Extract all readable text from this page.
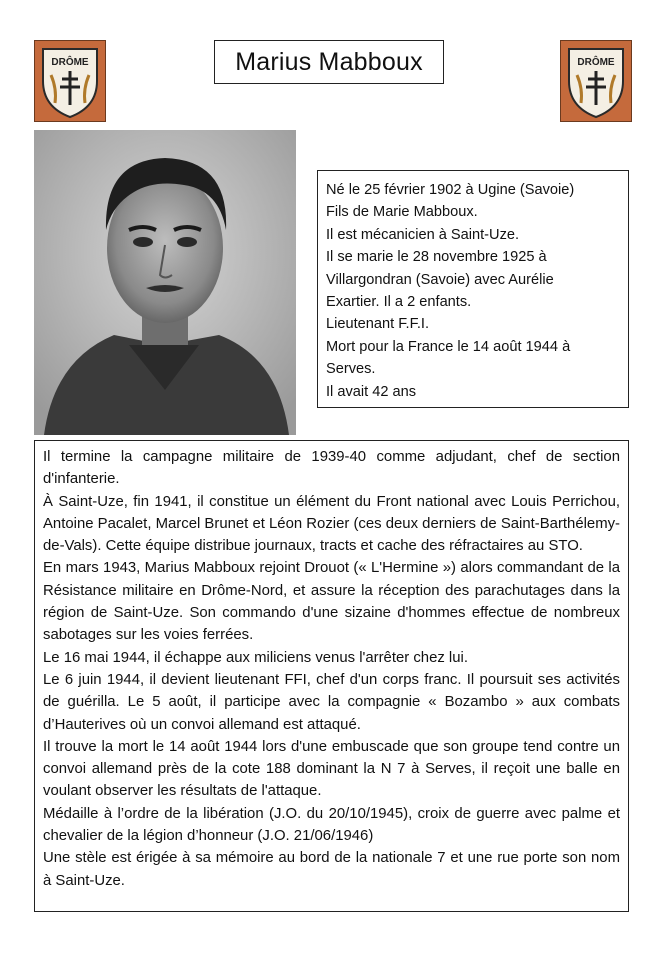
DRÔME	Marius Mabboux	DRÔME
Né le 25 février 1902 à Ugine (Savoie)
Fils de Marie Mabboux.
Il est mécanicien à Saint-Uze.
Il se marie le 28 novembre 1925 à
Villargondran (Savoie) avec Aurélie
Exartier. Il a 2 enfants.
Lieutenant F.F.I.
Mort pour la France le 14 août 1944 à
Serves.
Il avait 42 ans

Il termine la campagne militaire de 1939-40 comme adjudant, chef de section d'infanterie.

À Saint-Uze, fin 1941, il constitue un élément du Front national avec Louis Perrichou, Antoine Pacalet, Marcel Brunet et Léon Rozier (ces deux derniers de Saint-Barthélemy-de-Vals). Cette équipe distribue journaux, tracts et cache des réfractaires au STO.

En mars 1943, Marius Mabboux rejoint Drouot (« L'Hermine ») alors commandant de la Résistance militaire en Drôme-Nord, et assure la réception des parachutages dans la région de Saint-Uze. Son commando d'une sizaine d'hommes effectue de nombreux sabotages sur les voies ferrées.

Le 16 mai 1944, il échappe aux miliciens venus l'arrêter chez lui.

Le 6 juin 1944, il devient lieutenant FFI, chef d'un corps franc. Il poursuit ses activités de guérilla. Le 5 août, il participe avec la compagnie « Bozambo » aux combats d’Hauterives où un convoi allemand est attaqué.

Il trouve la mort le 14 août 1944 lors d'une embuscade que son groupe tend contre un convoi allemand près de la cote 188 dominant la N 7 à Serves, il reçoit une balle en voulant observer les résultats de l'attaque.

Médaille à l’ordre de la libération (J.O. du 20/10/1945), croix de guerre avec palme et chevalier de la légion d’honneur (J.O. 21/06/1946)

Une stèle est érigée à sa mémoire au bord de la nationale 7 et une rue porte son nom à Saint-Uze.
